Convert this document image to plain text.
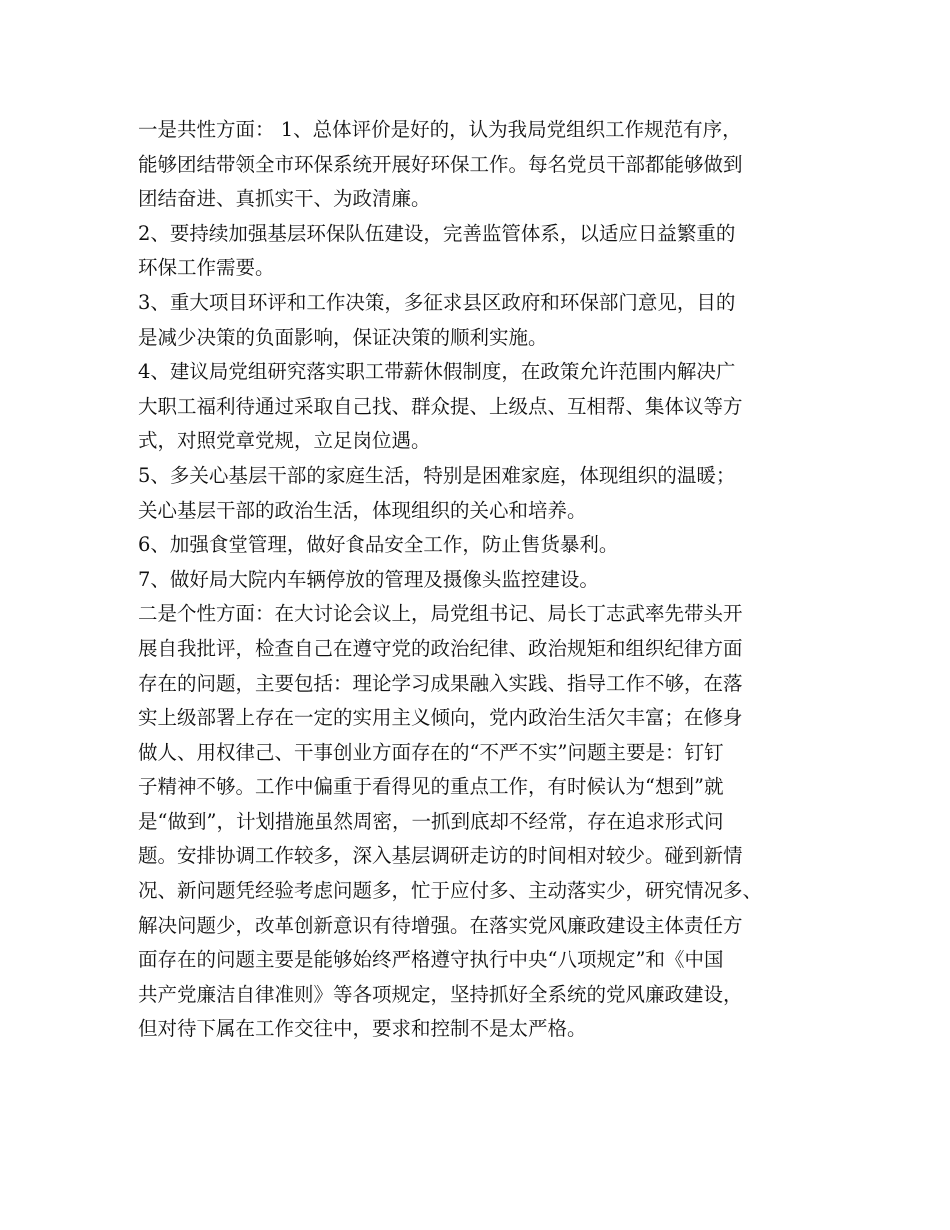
一是共性方面： 1、总体评价是好的，认为我局党组织工作规范有序，
能够团结带领全市环保系统开展好环保工作。每名党员干部都能够做到
团结奋进、真抓实干、为政清廉。
2、要持续加强基层环保队伍建设，完善监管体系，以适应日益繁重的
环保工作需要。
3、重大项目环评和工作决策，多征求县区政府和环保部门意见，目的
是减少决策的负面影响，保证决策的顺利实施。
4、建议局党组研究落实职工带薪休假制度，在政策允许范围内解决广
大职工福利待通过采取自己找、群众提、上级点、互相帮、集体议等方
式，对照党章党规，立足岗位遇。
5、多关心基层干部的家庭生活，特别是困难家庭，体现组织的温暖；
关心基层干部的政治生活，体现组织的关心和培养。
6、加强食堂管理，做好食品安全工作，防止售货暴利。
7、做好局大院内车辆停放的管理及摄像头监控建设。
二是个性方面：在大讨论会议上，局党组书记、局长丁志武率先带头开
展自我批评，检查自己在遵守党的政治纪律、政治规矩和组织纪律方面
存在的问题，主要包括：理论学习成果融入实践、指导工作不够，在落
实上级部署上存在一定的实用主义倾向，党内政治生活欠丰富；在修身
做人、用权律己、干事创业方面存在的“不严不实”问题主要是：钉钉
子精神不够。工作中偏重于看得见的重点工作，有时候认为“想到”就
是“做到”，计划措施虽然周密，一抓到底却不经常，存在追求形式问
题。安排协调工作较多，深入基层调研走访的时间相对较少。碰到新情
况、新问题凭经验考虑问题多，忙于应付多、主动落实少，研究情况多、
解决问题少，改革创新意识有待增强。在落实党风廉政建设主体责任方
面存在的问题主要是能够始终严格遵守执行中央“八项规定”和《中国
共产党廉洁自律准则》等各项规定，坚持抓好全系统的党风廉政建设，
但对待下属在工作交往中，要求和控制不是太严格。
